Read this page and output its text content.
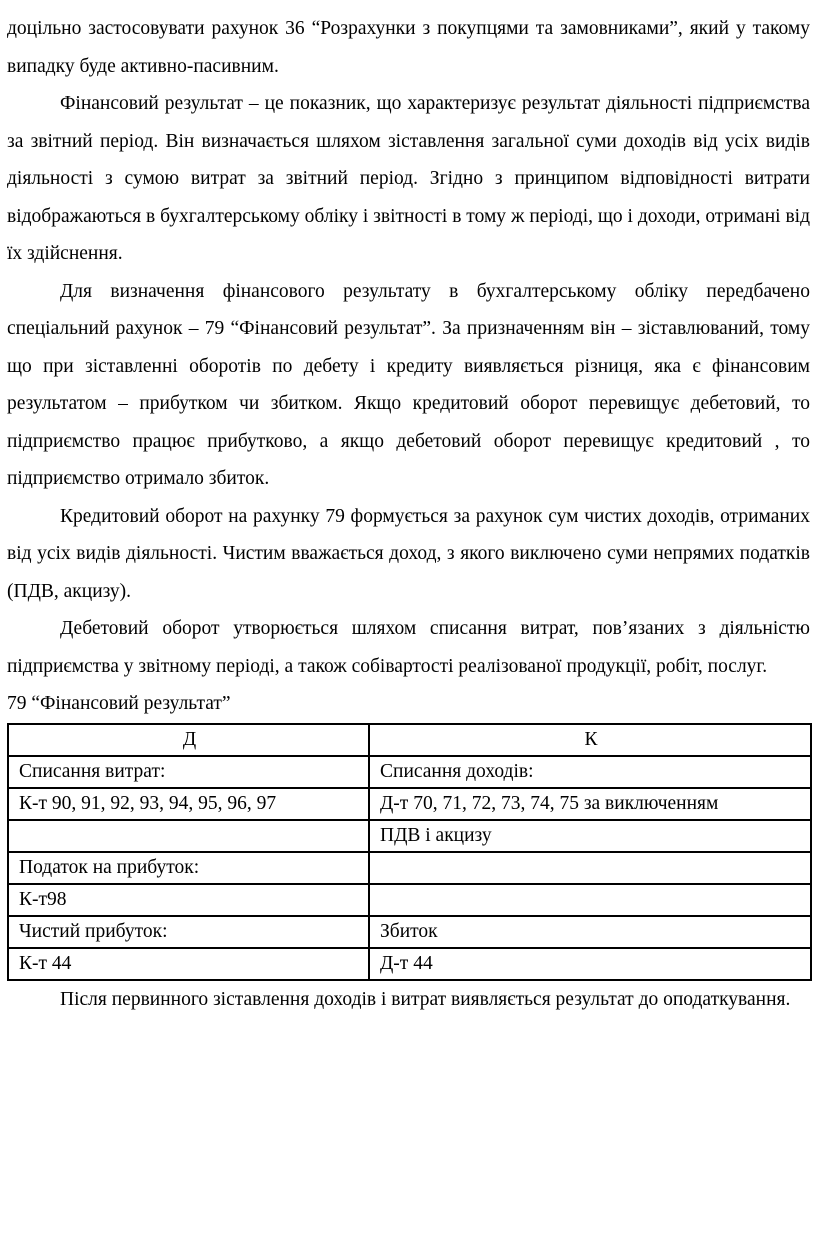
доцільно застосовувати рахунок 36 “Розрахунки з покупцями та замовниками”, який у такому випадку буде активно-пасивним.

Фінансовий результат – це показник, що характеризує результат діяльності підприємства за звітний період. Він визначається шляхом зіставлення загальної суми доходів від усіх видів діяльності з сумою витрат за звітний період. Згідно з принципом відповідності витрати відображаються в бухгалтерському обліку і звітності в тому ж періоді, що і доходи, отримані від їх здійснення.

Для визначення фінансового результату в бухгалтерському обліку передбачено спеціальний рахунок – 79 “Фінансовий результат”. За призначенням він – зіставлюваний, тому що при зіставленні оборотів по дебету і кредиту виявляється різниця, яка є фінансовим результатом – прибутком чи збитком. Якщо кредитовий оборот перевищує дебетовий, то підприємство працює прибутково, а якщо дебетовий оборот перевищує кредитовий , то підприємство отримало збиток.

Кредитовий оборот на рахунку 79 формується за рахунок сум чистих доходів, отриманих від усіх видів діяльності. Чистим вважається доход, з якого виключено суми непрямих податків (ПДВ, акцизу).

Дебетовий оборот утворюється шляхом списання витрат, пов’язаних з діяльністю підприємства у звітному періоді, а також собівартості реалізованої продукції, робіт, послуг.

79 “Фінансовий результат”

Д	К
Списання витрат:	Списання доходів:
К-т 90, 91, 92, 93, 94, 95, 96, 97	Д-т 70, 71, 72, 73, 74, 75 за виключенням
	ПДВ і акцизу
Податок на прибуток:	
К-т98	
Чистий прибуток:	Збиток
К-т 44	Д-т 44

Після первинного зіставлення доходів і витрат виявляється результат до оподаткування.
